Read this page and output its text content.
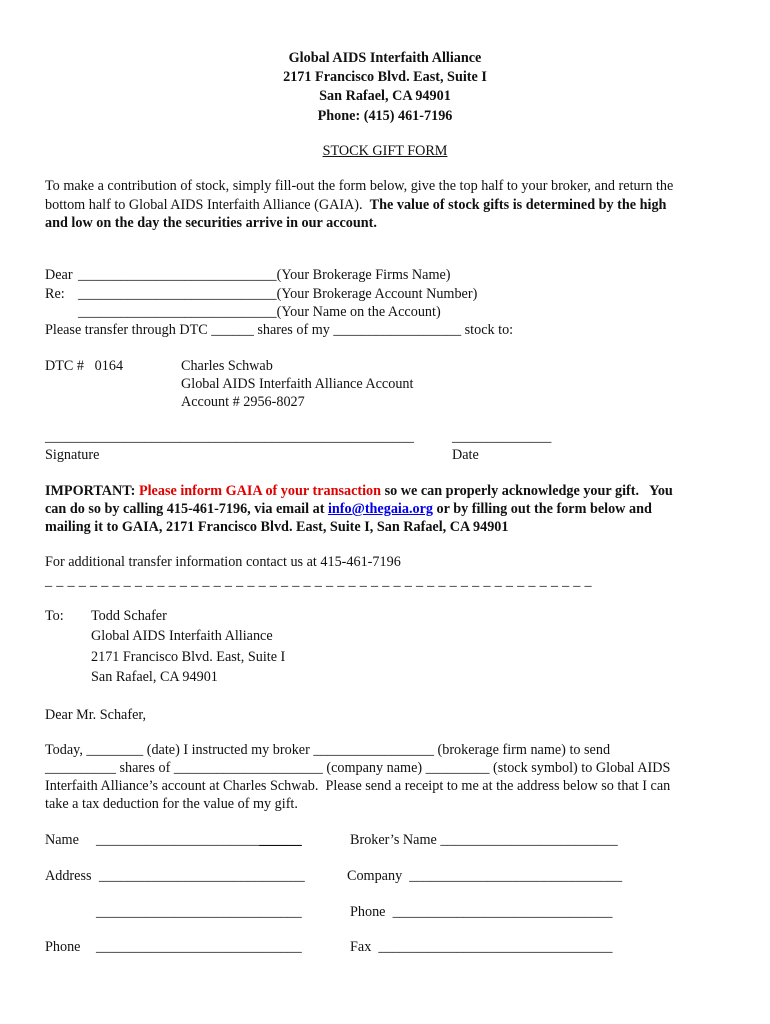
Global AIDS Interfaith Alliance
2171 Francisco Blvd. East, Suite I
San Rafael, CA 94901
Phone: (415) 461-7196
STOCK GIFT FORM
To make a contribution of stock, simply fill-out the form below, give the top half to your broker, and return the
bottom half to Global AIDS Interfaith Alliance (GAIA).  The value of stock gifts is determined by the high
and low on the day the securities arrive in our account.
Dear ____________________________(Your Brokerage Firms Name)
Re: ____________________________(Your Brokerage Account Number)
____________________________(Your Name on the Account)
Please transfer through DTC ______ shares of my __________________ stock to:
DTC #   0164	Charles Schwab
Global AIDS Interfaith Alliance Account
Account # 2956-8027
____________________________________________________
Signature
______________
Date
IMPORTANT: Please inform GAIA of your transaction so we can properly acknowledge your gift.   You
can do so by calling 415-461-7196, via email at info@thegaia.org or by filling out the form below and
mailing it to GAIA, 2171 Francisco Blvd. East, Suite I, San Rafael, CA 94901
For additional transfer information contact us at 415-461-7196
_ _ _ _ _ _ _ _ _ _ _ _ _ _ _ _ _ _ _ _ _ _ _ _ _ _ _ _ _ _ _ _ _ _ _ _ _ _ _ _ _ _ _ _ _ _ _ _ _
To: Todd Schafer
Global AIDS Interfaith Alliance
2171 Francisco Blvd. East, Suite I
San Rafael, CA 94901
Dear Mr. Schafer,
Today, ________ (date) I instructed my broker _________________ (brokerage firm name) to send
__________ shares of _____________________ (company name) _________ (stock symbol) to Global AIDS
Interfaith Alliance’s account at Charles Schwab.  Please send a receipt to me at the address below so that I can
take a tax deduction for the value of my gift.
Name _____________________________
Address _____________________________
_____________________________
Phone _____________________________
Broker’s Name _________________________
Company ______________________________
Phone _______________________________
Fax _________________________________
